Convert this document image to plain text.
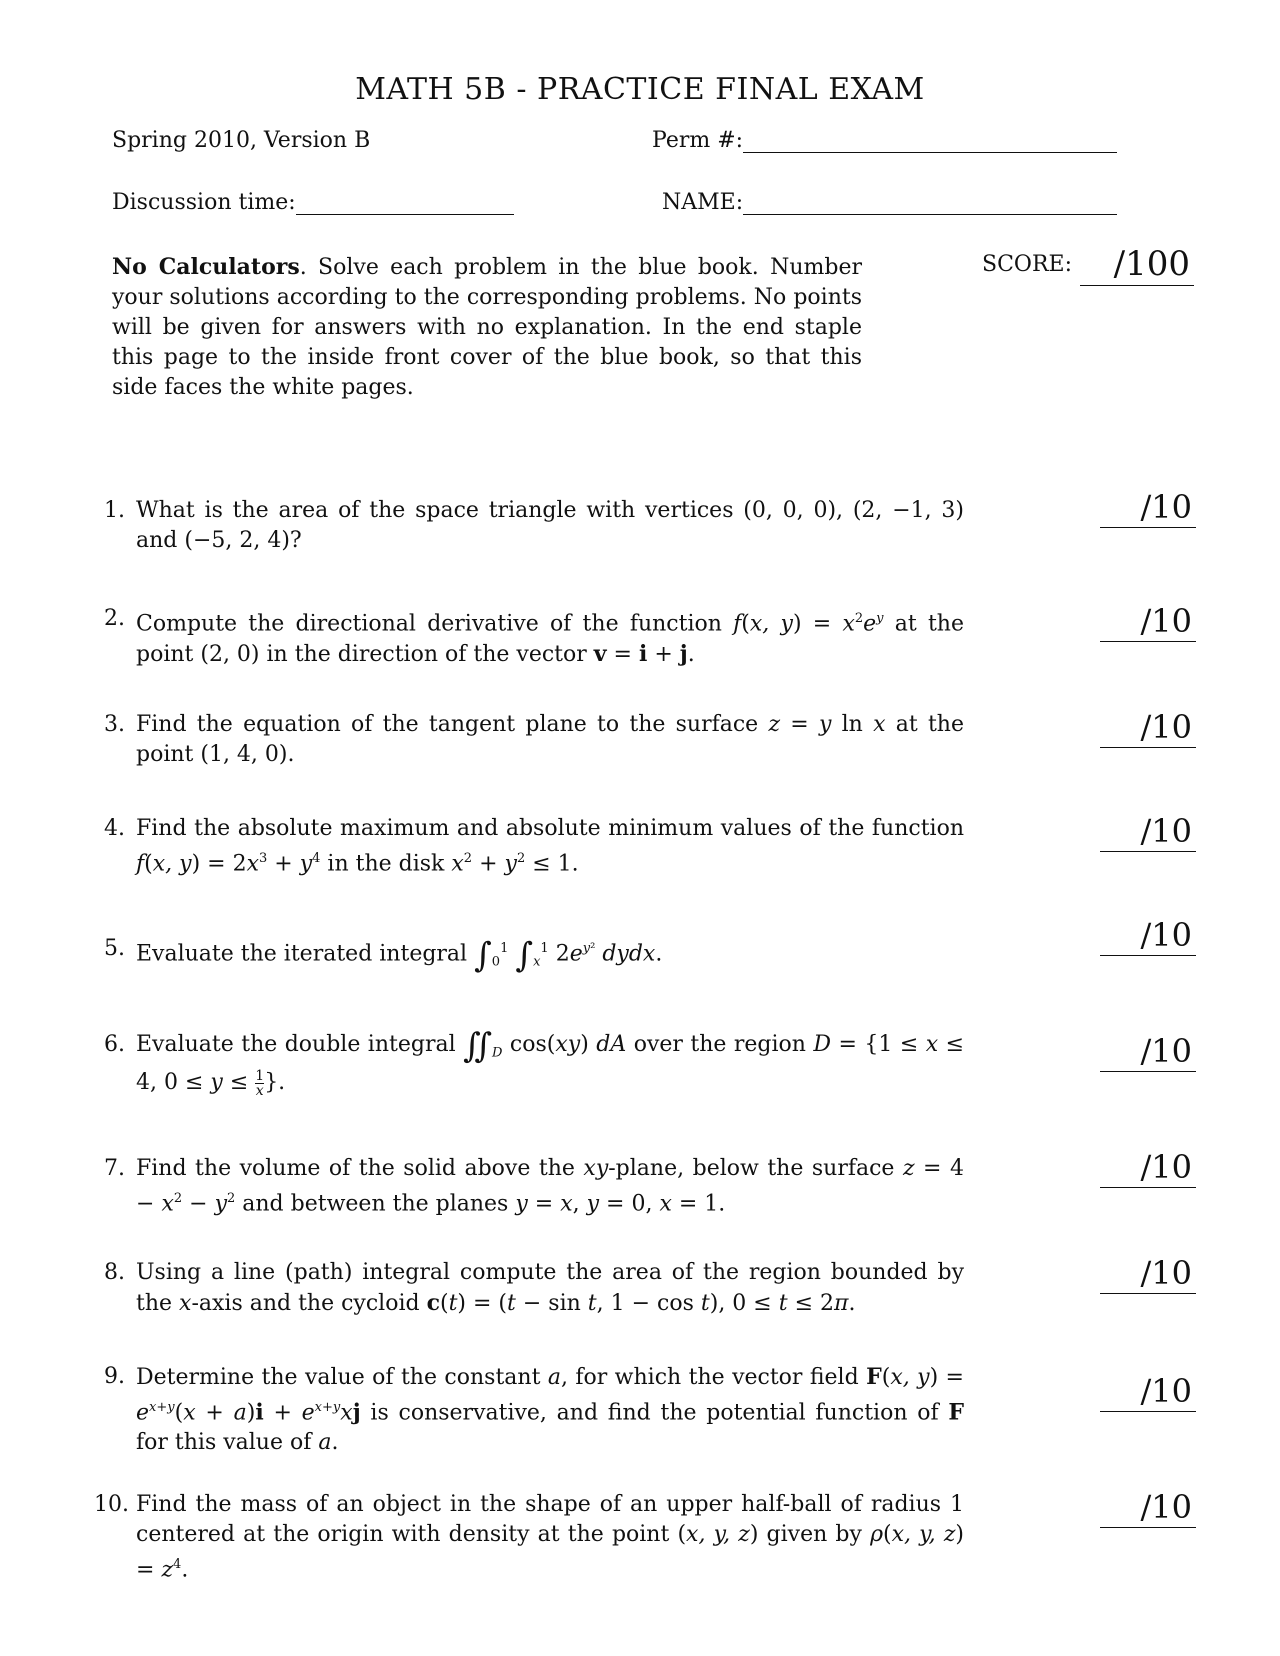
MATH 5B - PRACTICE FINAL EXAM
Spring 2010, Version B	Perm #:
Discussion time:	NAME:
No Calculators. Solve each problem in the blue book. Number your solutions according to the corresponding problems. No points will be given for answers with no explanation. In the end staple this page to the inside front cover of the blue book, so that this side faces the white pages.
SCORE:	/100
1. What is the area of the space triangle with vertices (0, 0, 0), (2, −1, 3) and (−5, 2, 4)?
/10
2. Compute the directional derivative of the function f(x, $y) = x^2e^y$ at the point (2, 0) in the direction of the vector v = i + j.
/10
3. Find the equation of the tangent plane to the surface z = y ln x at the point (1, 4, 0).
/10
4. Find the absolute maximum and absolute minimum values of the function f(x, $y) = 2x^3 + y^4$ in the disk $x^2 + y^2 \le 1$.
/10
5. Evaluate the iterated integral $\int_0^1$ $\int_x^1$ $2e^{y^2}$ dydx.	/10
6. Evaluate the double integral $∬_D$ cos(xy) dA over the region D = {1 ≤ x ≤ 4, $0 \le y \le \frac{1}{x}$ }.
/10
7. Find the volume of the solid above the xy-plane, below the surface $z = 4 - x^2 - y^2$ and between the planes y = x, y = 0, x = 1.
/10
8. Using a line (path) integral compute the area of the region bounded by the x-axis and the cycloid c(t) = (t − sin t, 1 − cos t), 0 ≤ t ≤ 2π.
/10
9. Determine the value of the constant a, for which the vector field F(x, $y) = e^{x+y}(x + a)i + e^{x+y}xj$ is conservative, and find the potential function of F for this value of a.
/10
10. Find the mass of an object in the shape of an upper half-ball of radius 1 centered at the origin with density at the point (x, y, z) given by ρ(x, y, $z) = z^4$.
/10
